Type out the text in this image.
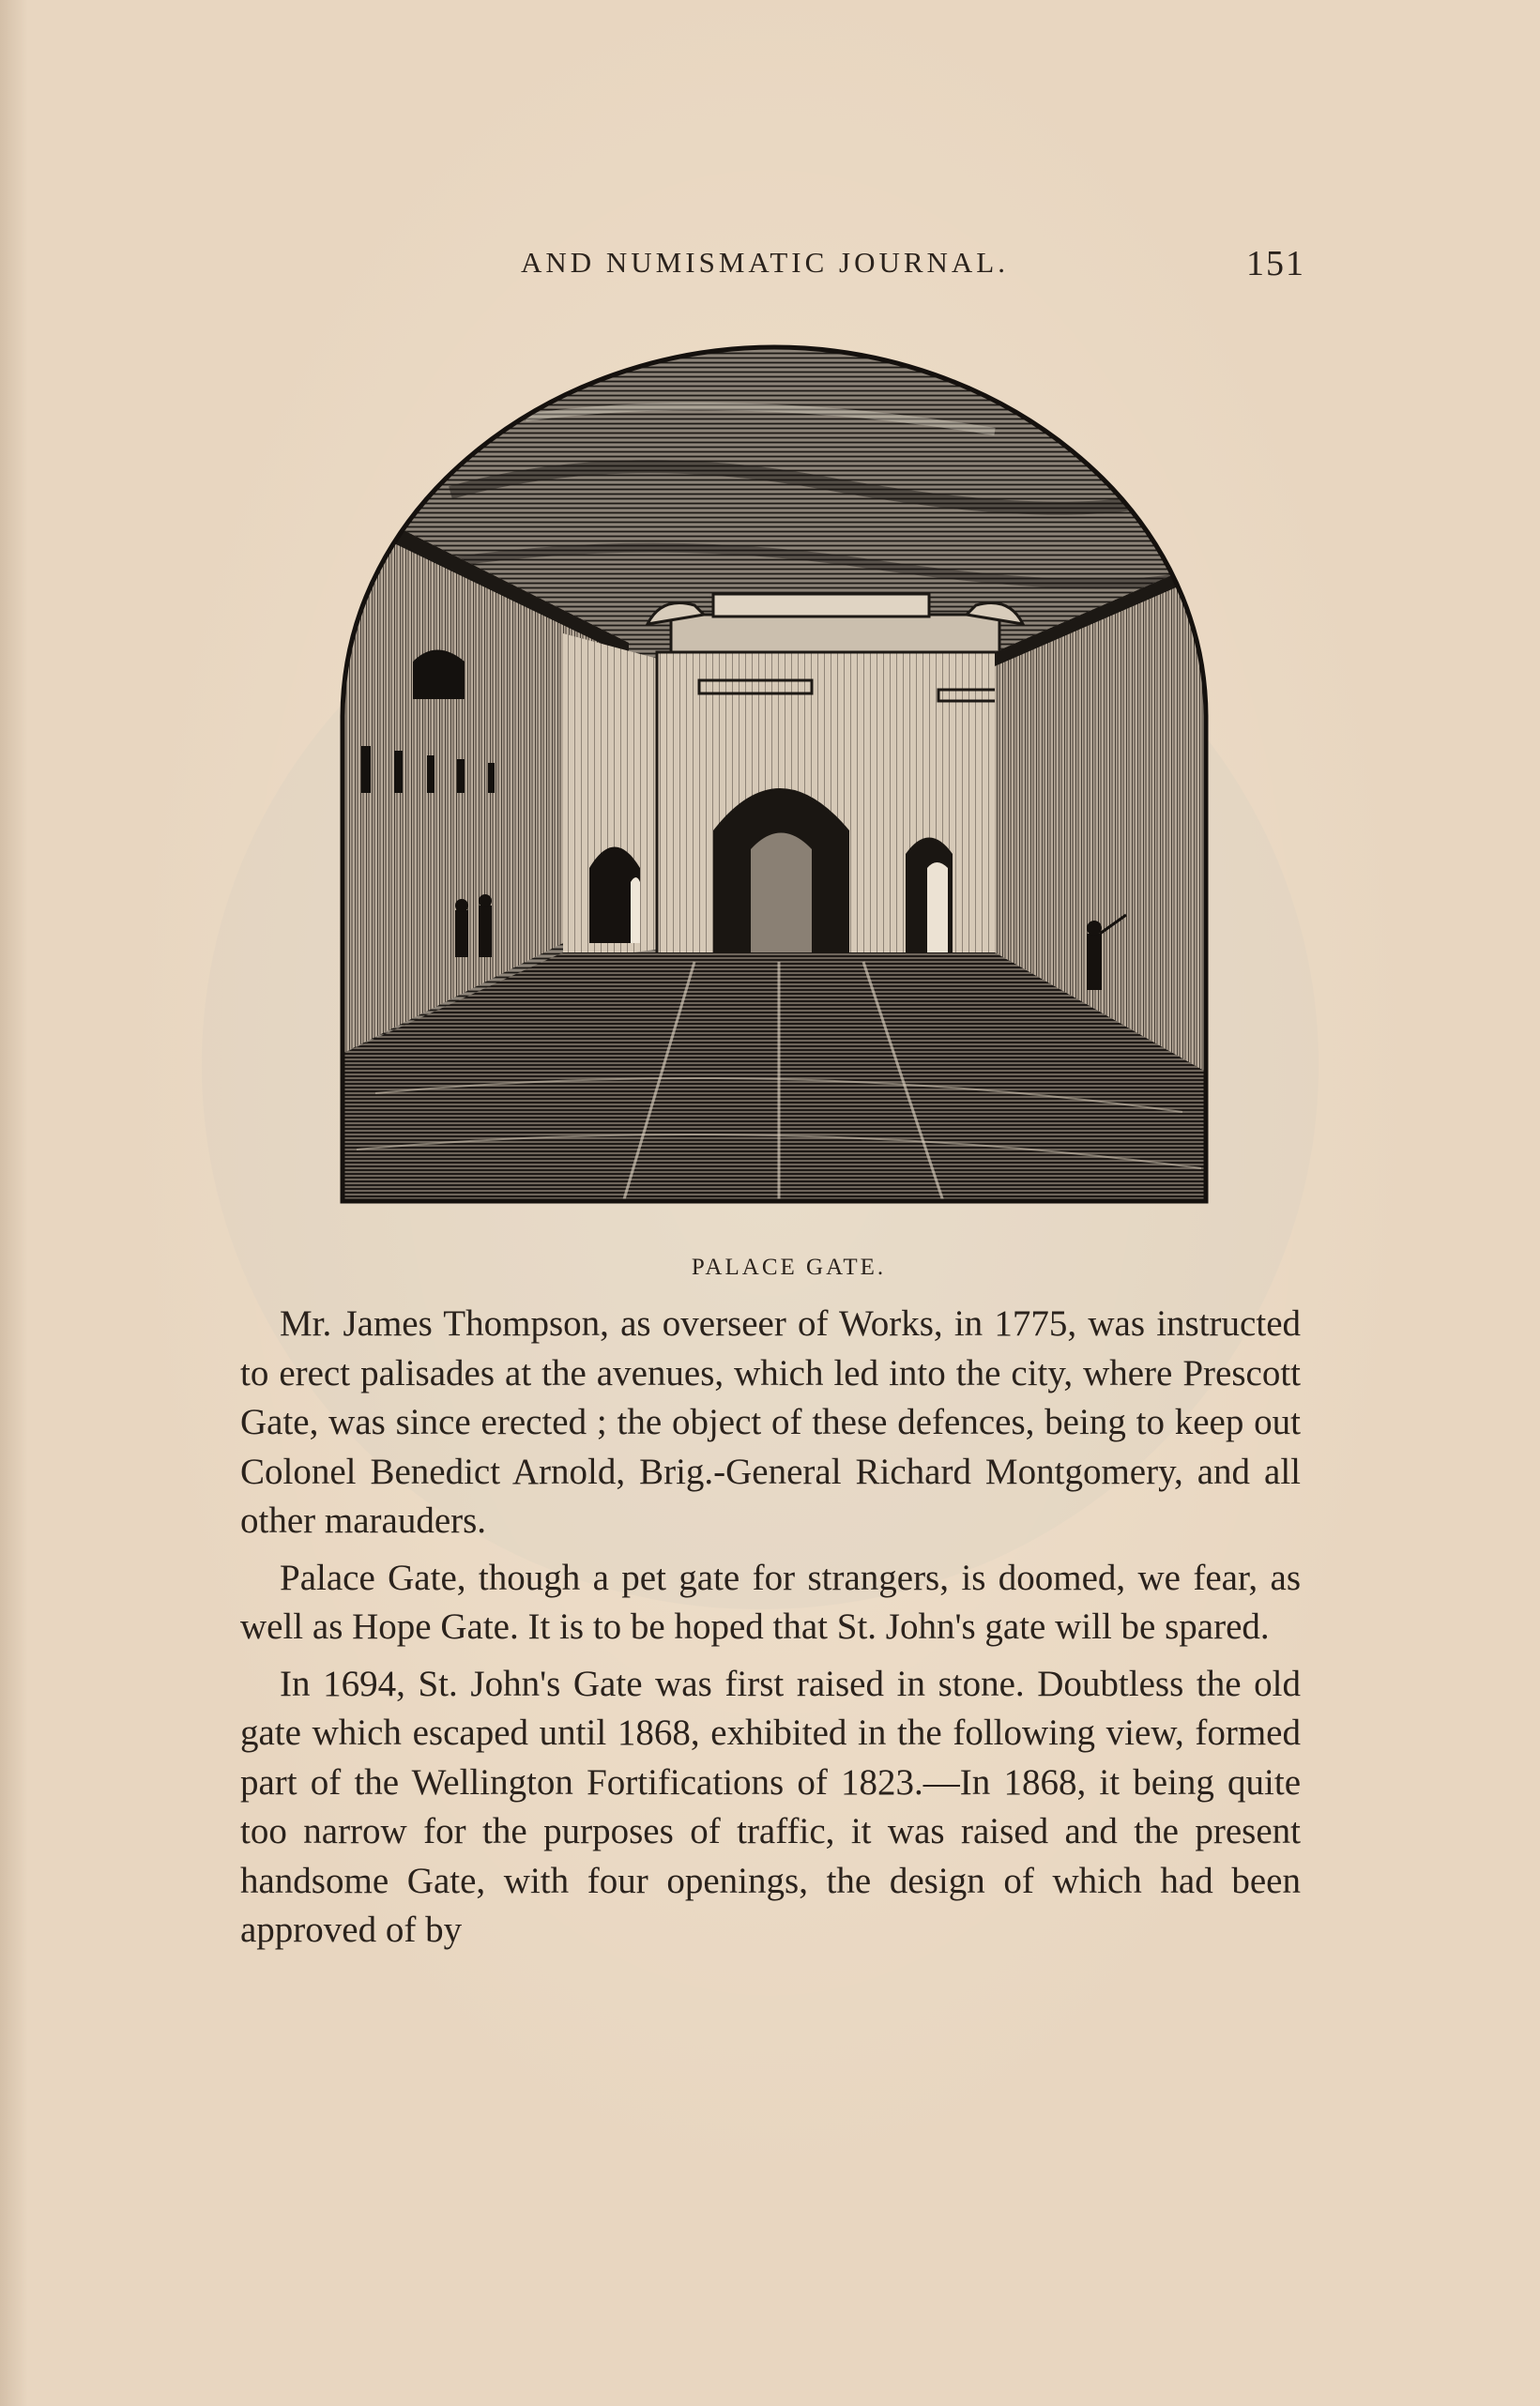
AND NUMISMATIC JOURNAL.	151
PALACE GATE.

Mr. James Thompson, as overseer of Works, in 1775, was instructed to erect palisades at the avenues, which led into the city, where Prescott Gate, was since erected ; the object of these defences, being to keep out Colonel Benedict Arnold, Brig.-General Richard Montgomery, and all other marauders.

Palace Gate, though a pet gate for strangers, is doomed, we fear, as well as Hope Gate. It is to be hoped that St. John's gate will be spared.

In 1694, St. John's Gate was first raised in stone. Doubtless the old gate which escaped until 1868, exhibited in the following view, formed part of the Wellington Fortifications of 1823.—In 1868, it being quite too narrow for the purposes of traffic, it was raised and the present handsome Gate, with four openings, the design of which had been approved of by
